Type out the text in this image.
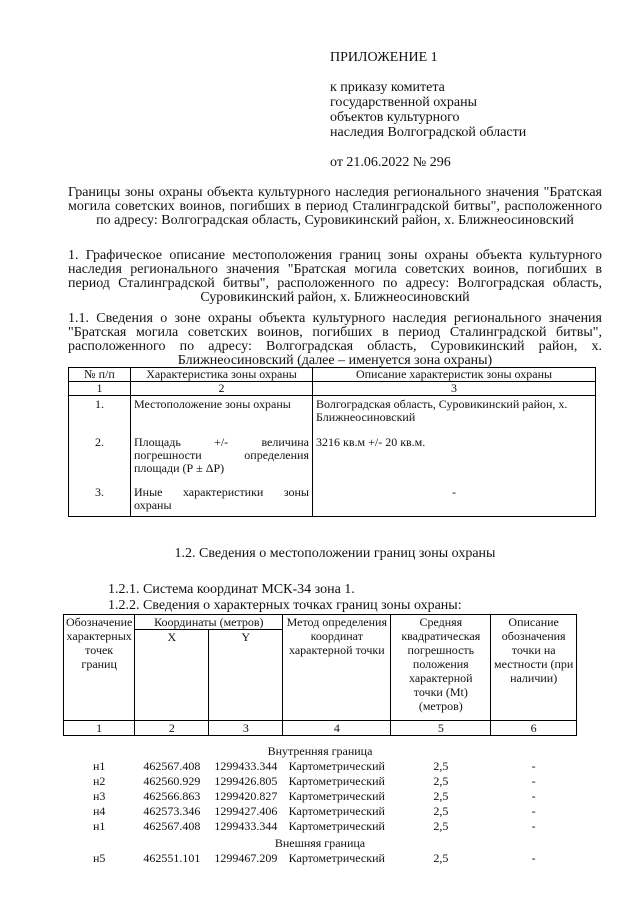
ПРИЛОЖЕНИЕ 1
к приказу комитета
государственной охраны
объектов культурного
наследия Волгоградской области
от 21.06.2022 № 296
Границы зоны охраны объекта культурного наследия регионального значения "Братская могила советских воинов, погибших в период Сталинградской битвы", расположенного по адресу: Волгоградская область, Суровикинский район, х. Ближнеосиновский
1. Графическое описание местоположения границ зоны охраны объекта культурного наследия регионального значения "Братская могила советских воинов, погибших в период Сталинградской битвы", расположенного по адресу: Волгоградская область, Суровикинский район, х. Ближнеосиновский
1.1. Сведения о зоне охраны объекта культурного наследия регионального значения "Братская могила советских воинов, погибших в период Сталинградской битвы", расположенного по адресу: Волгоградская область, Суровикинский район, х. Ближнеосиновский (далее – именуется зона охраны)
№ п/п	Характеристика зоны охраны	Описание характеристик зоны охраны
1	2	3
1.	Местоположение зоны охраны	Волгоградская область, Суровикинский район, х. Ближнеосиновский
2.	Площадь +/- величина погрешности определения площади (Р ± ΔР)	3216 кв.м +/- 20 кв.м.
3.	Иные характеристики зоны охраны	-
1.2. Сведения о местоположении границ зоны охраны
1.2.1. Система координат МСК-34 зона 1.
1.2.2. Сведения о характерных точках границ зоны охраны:
Обозначение характерных точек границ	Координаты (метров)		Метод определения координат характерной точки	Средняя квадратическая погрешность положения характерной точки (Mt) (метров)	Описание обозначения точки на местности (при наличии)
	X	Y			
1	2	3	4	5	6
Внутренняя граница					
н1	462567.408	1299433.344	Картометрический	2,5	-
н2	462560.929	1299426.805	Картометрический	2,5	-
н3	462566.863	1299420.827	Картометрический	2,5	-
н4	462573.346	1299427.406	Картометрический	2,5	-
н1	462567.408	1299433.344	Картометрический	2,5	-
Внешняя граница					
н5	462551.101	1299467.209	Картометрический	2,5	-
